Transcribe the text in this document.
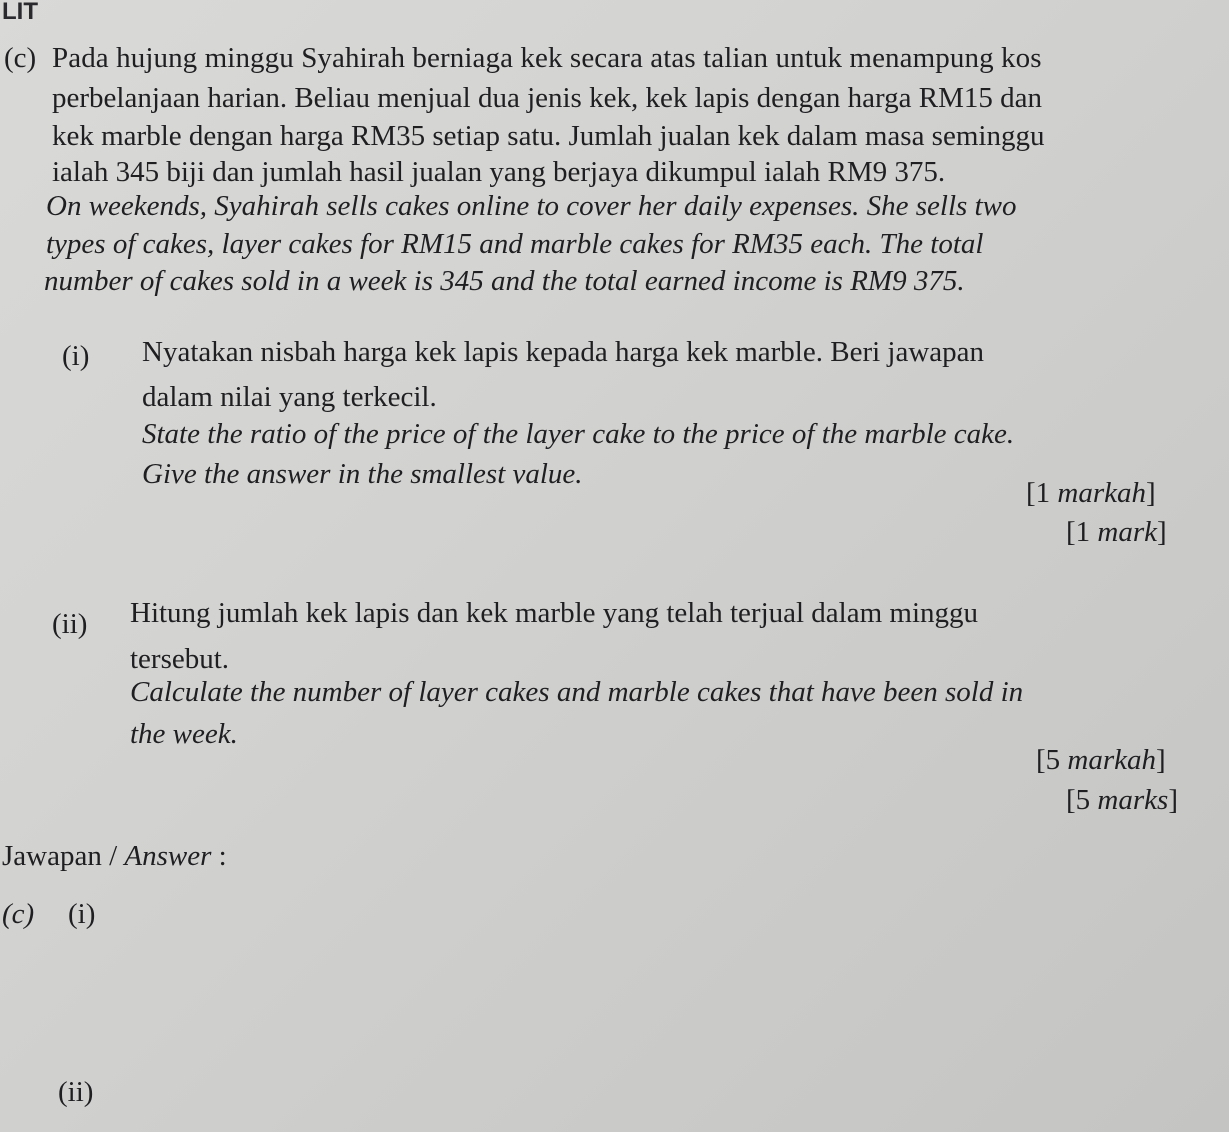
LIT
(c) Pada hujung minggu Syahirah berniaga kek secara atas talian untuk menampung kos
perbelanjaan harian. Beliau menjual dua jenis kek, kek lapis dengan harga RM15 dan
kek marble dengan harga RM35 setiap satu. Jumlah jualan kek dalam masa seminggu
ialah 345 biji dan jumlah hasil jualan yang berjaya dikumpul ialah RM9 375.
On weekends, Syahirah sells cakes online to cover her daily expenses. She sells two
types of cakes, layer cakes for RM15 and marble cakes for RM35 each. The total
number of cakes sold in a week is 345 and the total earned income is RM9 375.
(i) Nyatakan nisbah harga kek lapis kepada harga kek marble. Beri jawapan
dalam nilai yang terkecil.
State the ratio of the price of the layer cake to the price of the marble cake.
Give the answer in the smallest value.
[1 markah]
[1 mark]
(ii) Hitung jumlah kek lapis dan kek marble yang telah terjual dalam minggu
tersebut.
Calculate the number of layer cakes and marble cakes that have been sold in
the week.
[5 markah]
[5 marks]
Jawapan / Answer :
(c) (i)
(ii)
